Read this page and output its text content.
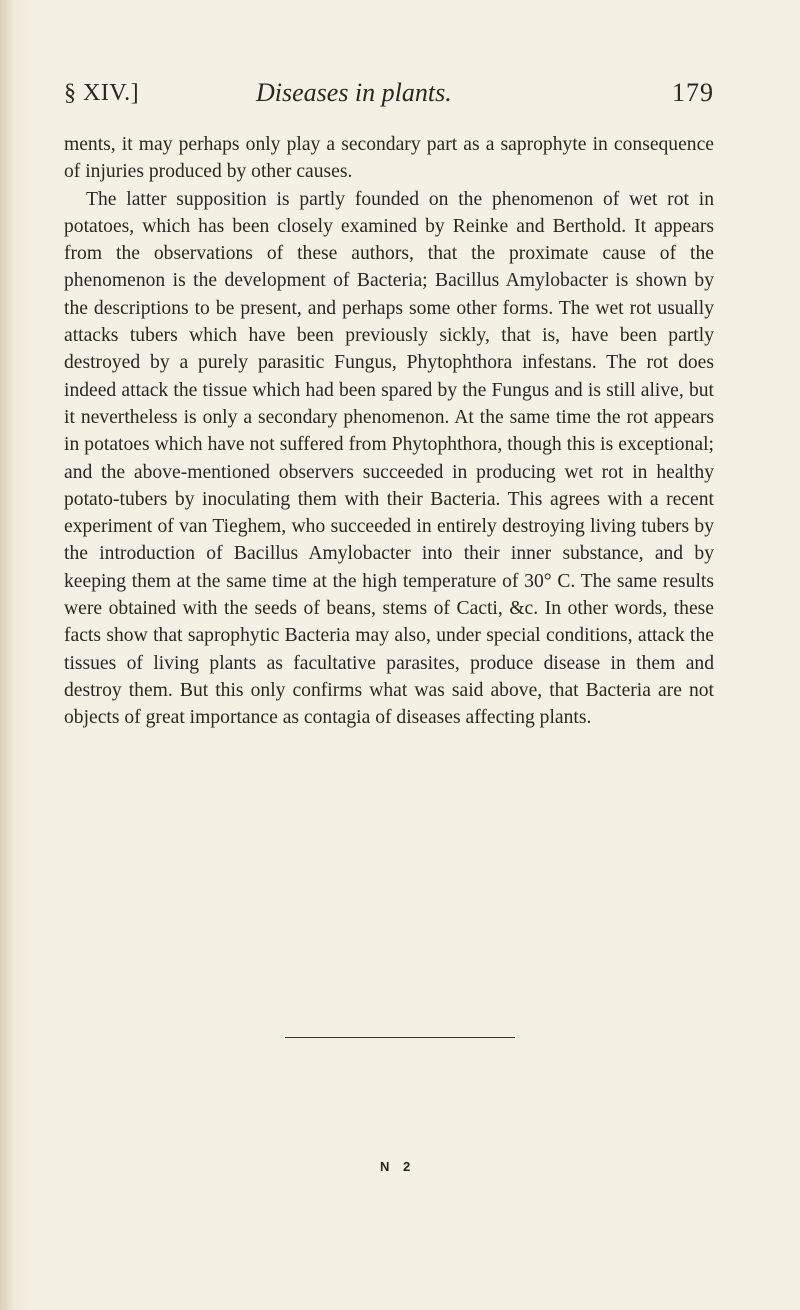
§ XIV.]	Diseases in plants.	179

ments, it may perhaps only play a secondary part as a saprophyte in consequence of injuries produced by other causes.

The latter supposition is partly founded on the phenomenon of wet rot in potatoes, which has been closely examined by Reinke and Berthold. It appears from the observations of these authors, that the proximate cause of the phenomenon is the development of Bacteria; Bacillus Amylobacter is shown by the descriptions to be present, and perhaps some other forms. The wet rot usually attacks tubers which have been previously sickly, that is, have been partly destroyed by a purely parasitic Fungus, Phytophthora infestans. The rot does indeed attack the tissue which had been spared by the Fungus and is still alive, but it nevertheless is only a secondary phenomenon. At the same time the rot appears in potatoes which have not suffered from Phytophthora, though this is exceptional; and the above-mentioned observers succeeded in producing wet rot in healthy potato-tubers by inoculating them with their Bacteria. This agrees with a recent experiment of van Tieghem, who succeeded in entirely destroying living tubers by the introduction of Bacillus Amylobacter into their inner substance, and by keeping them at the same time at the high temperature of 30° C. The same results were obtained with the seeds of beans, stems of Cacti, &c. In other words, these facts show that saprophytic Bacteria may also, under special conditions, attack the tissues of living plants as facultative parasites, produce disease in them and destroy them. But this only confirms what was said above, that Bacteria are not objects of great importance as contagia of diseases affecting plants.

N 2
